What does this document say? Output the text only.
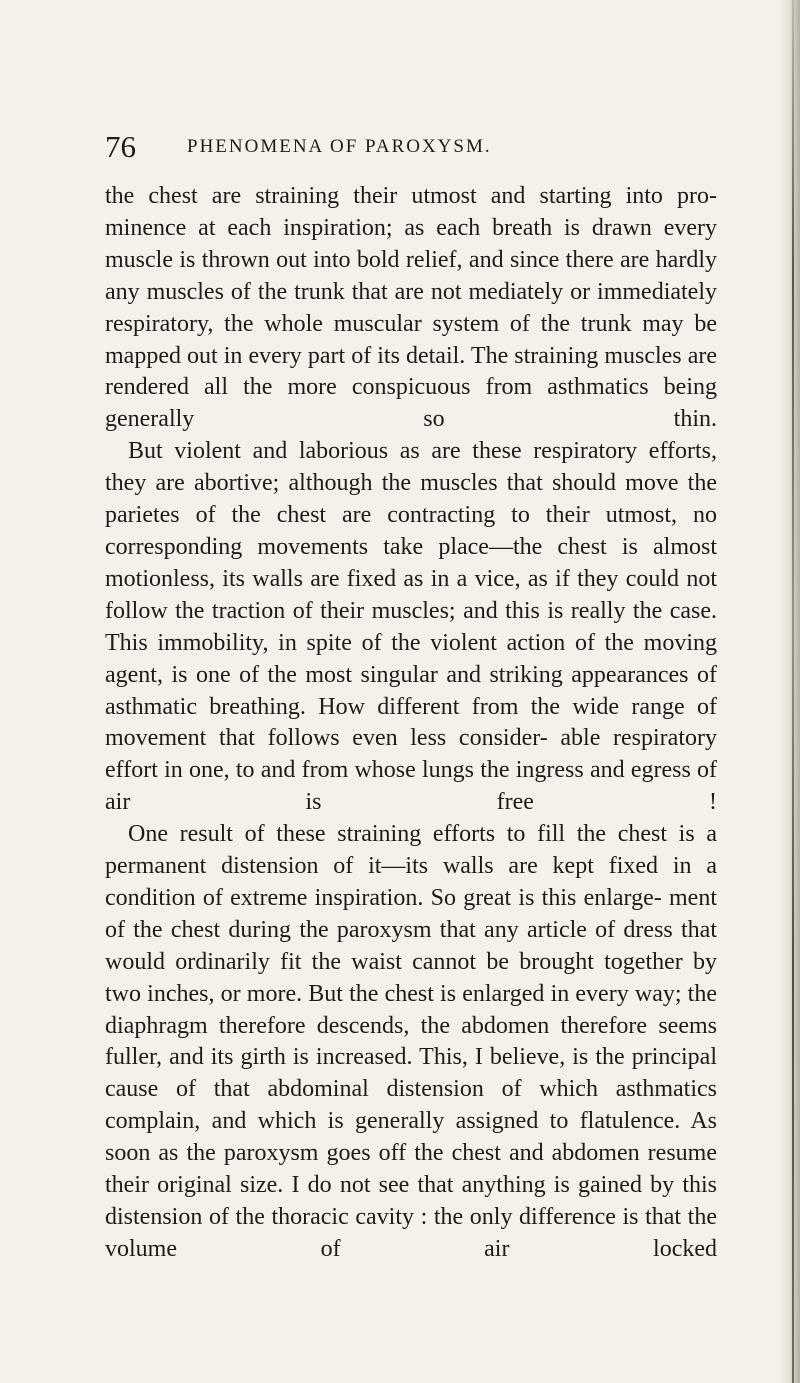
76	PHENOMENA OF PAROXYSM.

the chest are straining their utmost and starting into pro- minence at each inspiration; as each breath is drawn every muscle is thrown out into bold relief, and since there are hardly any muscles of the trunk that are not mediately or immediately respiratory, the whole muscular system of the trunk may be mapped out in every part of its detail. The straining muscles are rendered all the more conspicuous from asthmatics being generally so thin.

But violent and laborious as are these respiratory efforts, they are abortive; although the muscles that should move the parietes of the chest are contracting to their utmost, no corresponding movements take place—the chest is almost motionless, its walls are fixed as in a vice, as if they could not follow the traction of their muscles; and this is really the case. This immobility, in spite of the violent action of the moving agent, is one of the most singular and striking appearances of asthmatic breathing. How different from the wide range of movement that follows even less consider- able respiratory effort in one, to and from whose lungs the ingress and egress of air is free !

One result of these straining efforts to fill the chest is a permanent distension of it—its walls are kept fixed in a condition of extreme inspiration. So great is this enlarge- ment of the chest during the paroxysm that any article of dress that would ordinarily fit the waist cannot be brought together by two inches, or more. But the chest is enlarged in every way; the diaphragm therefore descends, the abdomen therefore seems fuller, and its girth is increased. This, I believe, is the principal cause of that abdominal distension of which asthmatics complain, and which is generally assigned to flatulence. As soon as the paroxysm goes off the chest and abdomen resume their original size. I do not see that anything is gained by this distension of the thoracic cavity : the only difference is that the volume of air locked
